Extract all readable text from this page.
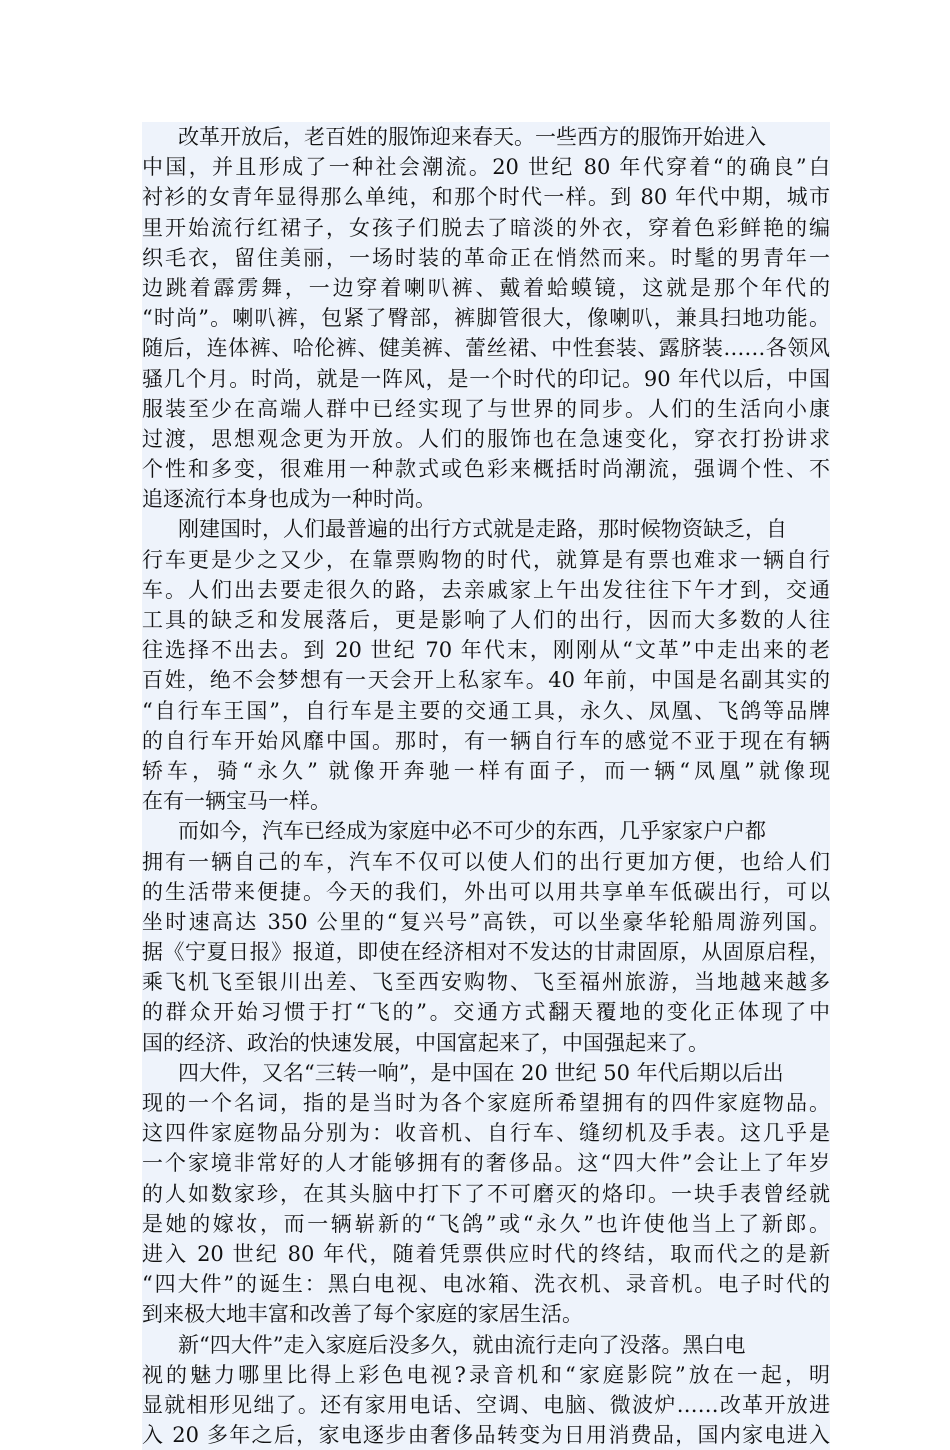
改革开放后，老百姓的服饰迎来春天。一些西方的服饰开始进入
中国，并且形成了一种社会潮流。20 世纪 80 年代穿着“的确良”白
衬衫的女青年显得那么单纯，和那个时代一样。到 80 年代中期，城市
里开始流行红裙子，女孩子们脱去了暗淡的外衣，穿着色彩鲜艳的编
织毛衣，留住美丽，一场时装的革命正在悄然而来。时髦的男青年一
边跳着霹雳舞，一边穿着喇叭裤、戴着蛤蟆镜，这就是那个年代的
“时尚”。喇叭裤，包紧了臀部，裤脚管很大，像喇叭，兼具扫地功能。
随后，连体裤、哈伦裤、健美裤、蕾丝裙、中性套装、露脐装……各领风
骚几个月。时尚，就是一阵风，是一个时代的印记。90 年代以后，中国
服装至少在高端人群中已经实现了与世界的同步。人们的生活向小康
过渡，思想观念更为开放。人们的服饰也在急速变化，穿衣打扮讲求
个性和多变，很难用一种款式或色彩来概括时尚潮流，强调个性、不
追逐流行本身也成为一种时尚。
刚建国时，人们最普遍的出行方式就是走路，那时候物资缺乏，自
行车更是少之又少，在靠票购物的时代，就算是有票也难求一辆自行
车。人们出去要走很久的路，去亲戚家上午出发往往下午才到，交通
工具的缺乏和发展落后，更是影响了人们的出行，因而大多数的人往
往选择不出去。到 20 世纪 70 年代末，刚刚从“文革”中走出来的老
百姓，绝不会梦想有一天会开上私家车。40 年前，中国是名副其实的
“自行车王国”，自行车是主要的交通工具，永久、凤凰、飞鸽等品牌
的自行车开始风靡中国。那时，有一辆自行车的感觉不亚于现在有辆
轿车，骑“永久” 就像开奔驰一样有面子，而一辆“凤凰”就像现
在有一辆宝马一样。
而如今，汽车已经成为家庭中必不可少的东西，几乎家家户户都
拥有一辆自己的车，汽车不仅可以使人们的出行更加方便，也给人们
的生活带来便捷。今天的我们，外出可以用共享单车低碳出行，可以
坐时速高达 350 公里的“复兴号”高铁，可以坐豪华轮船周游列国。
据《宁夏日报》报道，即使在经济相对不发达的甘肃固原，从固原启程，
乘飞机飞至银川出差、飞至西安购物、飞至福州旅游，当地越来越多
的群众开始习惯于打“飞的”。交通方式翻天覆地的变化正体现了中
国的经济、政治的快速发展，中国富起来了，中国强起来了。
四大件，又名“三转一响”，是中国在 20 世纪 50 年代后期以后出
现的一个名词，指的是当时为各个家庭所希望拥有的四件家庭物品。
这四件家庭物品分别为：收音机、自行车、缝纫机及手表。这几乎是
一个家境非常好的人才能够拥有的奢侈品。这“四大件”会让上了年岁
的人如数家珍，在其头脑中打下了不可磨灭的烙印。一块手表曾经就
是她的嫁妆，而一辆崭新的“飞鸽”或“永久”也许使他当上了新郎。
进入 20 世纪 80 年代，随着凭票供应时代的终结，取而代之的是新
“四大件”的诞生：黑白电视、电冰箱、洗衣机、录音机。电子时代的
到来极大地丰富和改善了每个家庭的家居生活。
新“四大件”走入家庭后没多久，就由流行走向了没落。黑白电
视的魅力哪里比得上彩色电视?录音机和“家庭影院”放在一起，明
显就相形见绌了。还有家用电话、空调、电脑、微波炉……改革开放进
入 20 多年之后，家电逐步由奢侈品转变为日用消费品，国内家电进入
